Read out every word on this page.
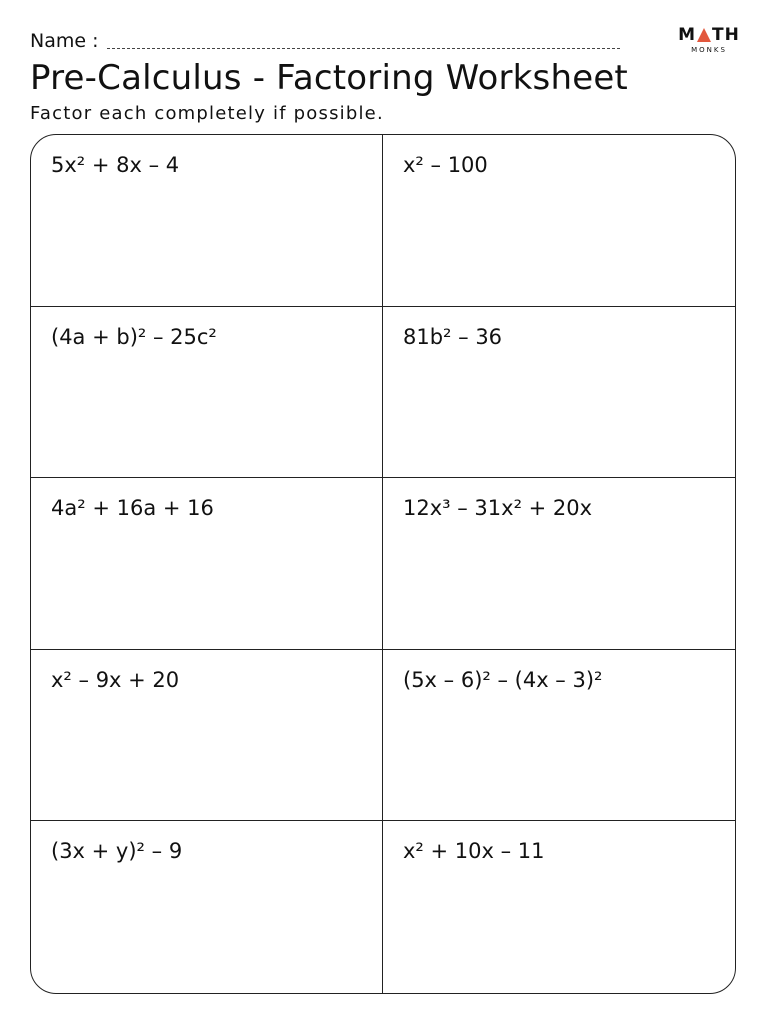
Name :	M TH
MONKS
Pre-Calculus - Factoring Worksheet
Factor each completely if possible.
5x² + 8x – 4	x² – 100
(4a + b)² – 25c²	81b² – 36
4a² + 16a + 16	12x³ – 31x² + 20x
x² – 9x + 20	(5x – 6)² – (4x – 3)²
(3x + y)² – 9	x² + 10x – 11
